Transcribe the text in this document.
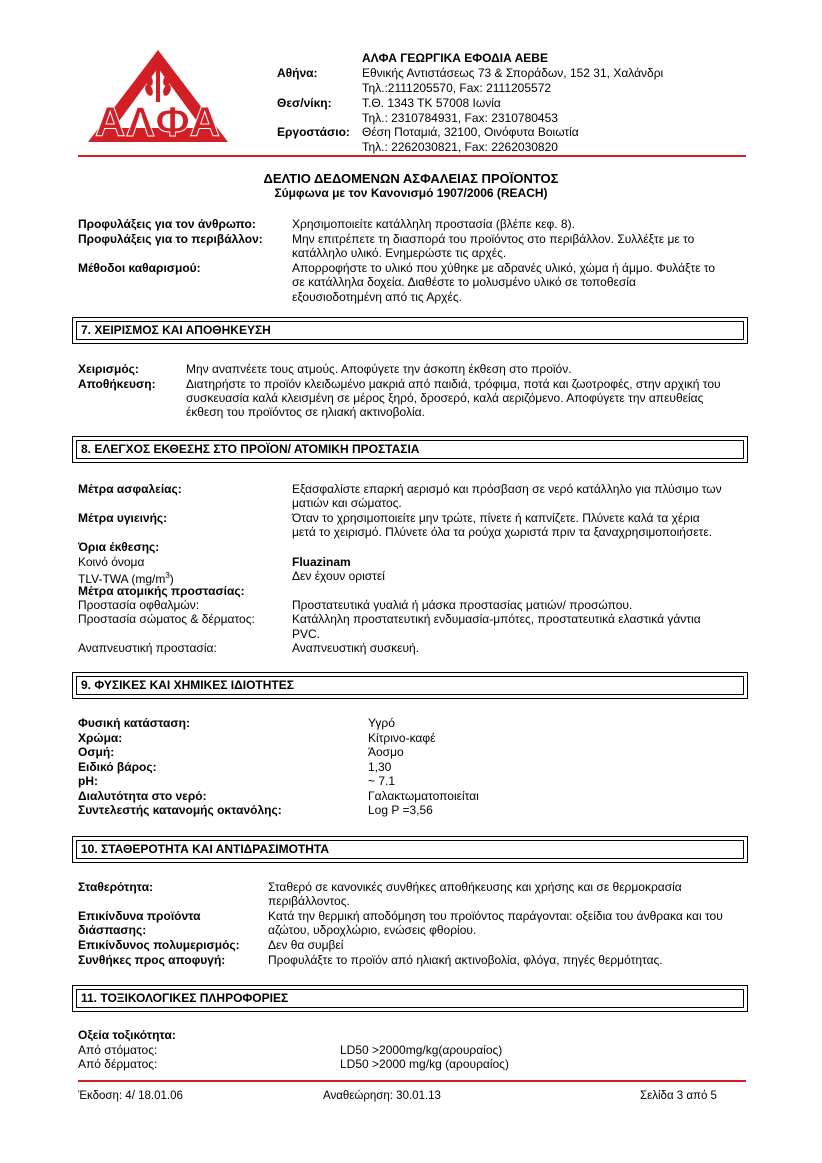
ΑΛΦΑ
ΑΛΦΑ ΓΕΩΡΓΙΚΑ ΕΦΟΔΙΑ ΑΕΒΕ
Αθήνα:	Εθνικής Αντιστάσεως 73 & Σποράδων, 152 31, Χαλάνδρι
Τηλ.:2111205570, Fax: 2111205572
Θεσ/νίκη:	Τ.Θ. 1343 ΤΚ 57008 Ιωνία
Τηλ.: 2310784931, Fax: 2310780453
Εργοστάσιο: Θέση Ποταμιά, 32100, Οινόφυτα Βοιωτία
Τηλ.: 2262030821, Fax: 2262030820
ΔΕΛΤΙΟ ΔΕΔΟΜΕΝΩΝ ΑΣΦΑΛΕΙΑΣ ΠΡΟΪΟΝΤΟΣ
Σύμφωνα με τον Κανονισμό 1907/2006 (REACH)
Προφυλάξεις για τον άνθρωπο:	Χρησιμοποιείτε κατάλληλη προστασία (βλέπε κεφ. 8).
Προφυλάξεις για το περιβάλλον: Μην επιτρέπετε τη διασπορά του προϊόντος στο περιβάλλον. Συλλέξτε με το
κατάλληλο υλικό. Ενημερώστε τις αρχές.
Μέθοδοι καθαρισμού:	Απορροφήστε το υλικό που χύθηκε με αδρανές υλικό, χώμα ή άμμο. Φυλάξτε το
σε κατάλληλα δοχεία. Διαθέστε το μολυσμένο υλικό σε τοποθεσία
εξουσιοδοτημένη από τις Αρχές.
7. ΧΕΙΡΙΣΜΟΣ ΚΑΙ ΑΠΟΘΗΚΕΥΣΗ
Χειρισμός:	Μην αναπνέετε τους ατμούς. Αποφύγετε την άσκοπη έκθεση στο προϊόν.
Αποθήκευση:	Διατηρήστε το προϊόν κλειδωμένο μακριά από παιδιά, τρόφιμα, ποτά και ζωοτροφές, στην αρχική του
συσκευασία καλά κλεισμένη σε μέρος ξηρό, δροσερό, καλά αεριζόμενο. Αποφύγετε την απευθείας
έκθεση του προϊόντος σε ηλιακή ακτινοβολία.
8. ΕΛΕΓΧΟΣ ΕΚΘΕΣΗΣ ΣΤΟ ΠΡΟΪΟΝ/ ΑΤΟΜΙΚΗ ΠΡΟΣΤΑΣΙΑ
Μέτρα ασφαλείας:	Εξασφαλίστε επαρκή αερισμό και πρόσβαση σε νερό κατάλληλο για πλύσιμο των
ματιών και σώματος.
Μέτρα υγιεινής:	Όταν το χρησιμοποιείτε μην τρώτε, πίνετε ή καπνίζετε. Πλύνετε καλά τα χέρια
μετά το χειρισμό. Πλύνετε όλα τα ρούχα χωριστά πριν τα ξαναχρησιμοποιήσετε.
Όρια έκθεσης:
Κοινό όνομα	Fluazinam
TLV-TWA $(mg/m^3)$	Δεν έχουν οριστεί
Μέτρα ατομικής προστασίας:
Προστασία οφθαλμών:	Προστατευτικά γυαλιά ή μάσκα προστασίας ματιών/ προσώπου.
Προστασία σώματος & δέρματος:	Κατάλληλη προστατευτική ενδυμασία-μπότες, προστατευτικά ελαστικά γάντια
PVC.
Αναπνευστική προστασία:	Αναπνευστική συσκευή.
9. ΦΥΣΙΚΕΣ ΚΑΙ ΧΗΜΙΚΕΣ ΙΔΙΟΤΗΤΕΣ
Φυσική κατάσταση:	Υγρό
Χρώμα:	Κίτρινο-καφέ
Οσμή:	Άοσμο
Ειδικό βάρος:	1,30
pH:	~ 7.1
Διαλυτότητα στο νερό:	Γαλακτωματοποιείται
Συντελεστής κατανομής οκτανόλης:	Log P =3,56
10. ΣΤΑΘΕΡΟΤΗΤΑ ΚΑΙ ΑΝΤΙΔΡΑΣΙΜΟΤΗΤΑ
Σταθερότητα:	Σταθερό σε κανονικές συνθήκες αποθήκευσης και χρήσης και σε θερμοκρασία
περιβάλλοντος.
Επικίνδυνα προϊόντα	Κατά την θερμική αποδόμηση του προϊόντος παράγονται: οξείδια του άνθρακα και του
διάσπασης:	αζώτου, υδροχλώριο, ενώσεις φθορίου.
Επικίνδυνος πολυμερισμός: Δεν θα συμβεί
Συνθήκες προς αποφυγή:	Προφυλάξτε το προϊόν από ηλιακή ακτινοβολία, φλόγα, πηγές θερμότητας.
11. ΤΟΞΙΚΟΛΟΓΙΚΕΣ ΠΛΗΡΟΦΟΡΙΕΣ
Οξεία τοξικότητα:
Από στόματος:	LD50 >2000mg/kg(αρουραίος)
Από δέρματος:	LD50 >2000 mg/kg (αρουραίος)
Έκδοση: 4/ 18.01.06	Αναθεώρηση: 30.01.13	Σελίδα 3 από 5
